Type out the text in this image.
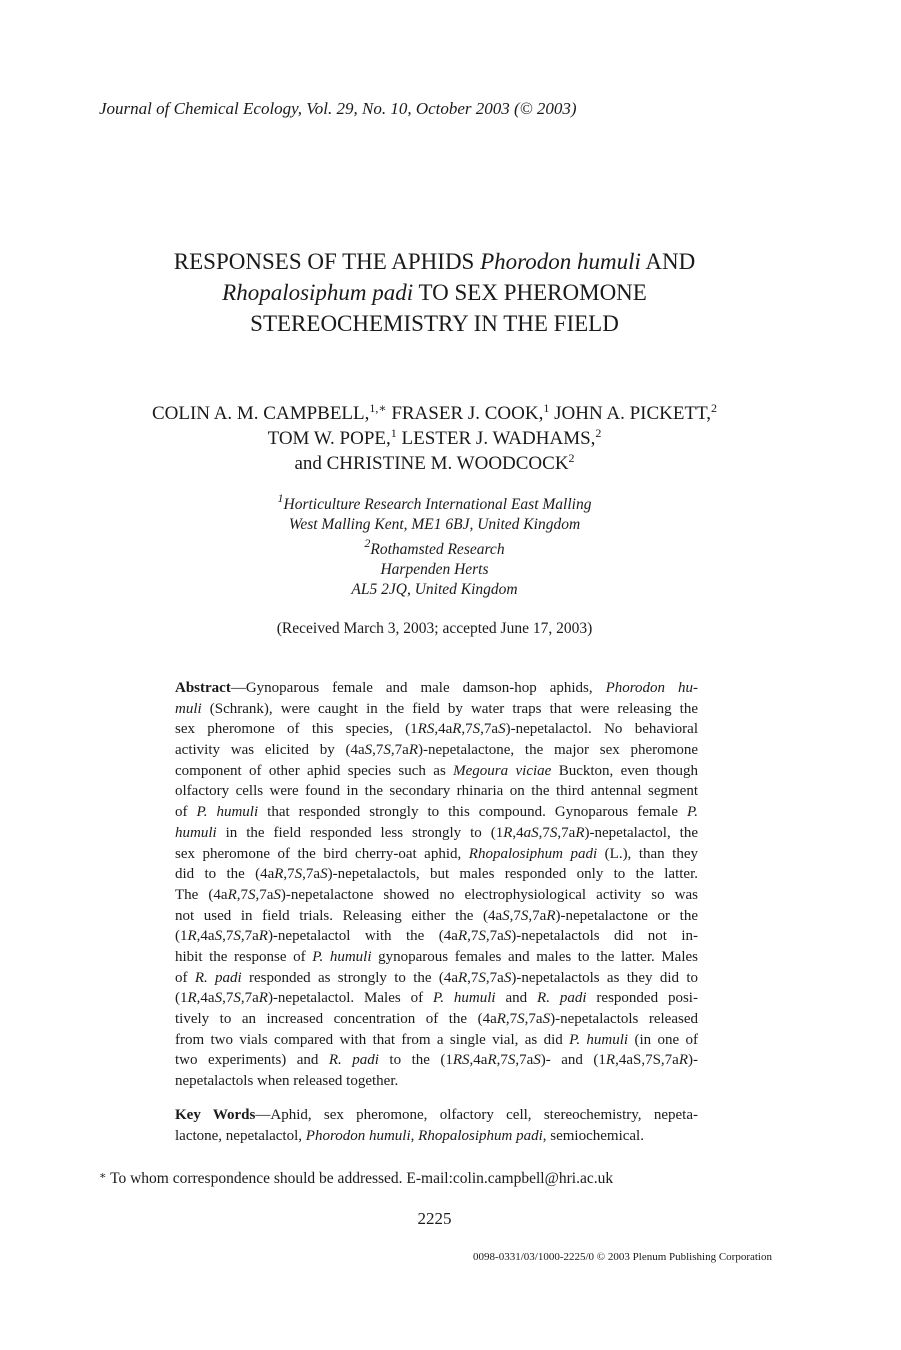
Journal of Chemical Ecology, Vol. 29, No. 10, October 2003 (© 2003)
RESPONSES OF THE APHIDS Phorodon humuli AND
Rhopalosiphum padi TO SEX PHEROMONE
STEREOCHEMISTRY IN THE FIELD
COLIN A. M. CAMPBELL,$^{1,∗}$ FRASER J. COOK,$^1$ JOHN A. PICKETT,$^2$
TOM W. POPE,$^1$ LESTER J. WADHAMS,$^2$
and CHRISTINE M. WOODCOCK$^2$
$^1$Horticulture Research International East Malling
West Malling Kent, ME1 6BJ, United Kingdom
$^2$Rothamsted Research
Harpenden Herts
AL5 2JQ, United Kingdom
(Received March 3, 2003; accepted June 17, 2003)
Abstract—Gynoparous female and male damson-hop aphids, Phorodon hu-
muli (Schrank), were caught in the field by water traps that were releasing the
sex pheromone of this species, (1RS,4aR,7S,7aS)-nepetalactol. No behavioral
activity was elicited by (4aS,7S,7aR)-nepetalactone, the major sex pheromone
component of other aphid species such as Megoura viciae Buckton, even though
olfactory cells were found in the secondary rhinaria on the third antennal segment
of P. humuli that responded strongly to this compound. Gynoparous female P.
humuli in the field responded less strongly to (1R,4aS,7S,7aR)-nepetalactol, the
sex pheromone of the bird cherry-oat aphid, Rhopalosiphum padi (L.), than they
did to the (4aR,7S,7aS)-nepetalactols, but males responded only to the latter.
The (4aR,7S,7aS)-nepetalactone showed no electrophysiological activity so was
not used in field trials. Releasing either the (4aS,7S,7aR)-nepetalactone or the
(1R,4aS,7S,7aR)-nepetalactol with the (4aR,7S,7aS)-nepetalactols did not in-
hibit the response of P. humuli gynoparous females and males to the latter. Males
of R. padi responded as strongly to the (4aR,7S,7aS)-nepetalactols as they did to
(1R,4aS,7S,7aR)-nepetalactol. Males of P. humuli and R. padi responded posi-
tively to an increased concentration of the (4aR,7S,7aS)-nepetalactols released
from two vials compared with that from a single vial, as did P. humuli (in one of
two experiments) and R. padi to the (1RS,4aR,7S,7aS)- and (1R,4aS,7S,7aR)-
nepetalactols when released together.
Key Words—Aphid, sex pheromone, olfactory cell, stereochemistry, nepeta-
lactone, nepetalactol, Phorodon humuli, Rhopalosiphum padi, semiochemical.
∗ To whom correspondence should be addressed. E-mail:colin.campbell@hri.ac.uk
2225
0098-0331/03/1000-2225/0 © 2003 Plenum Publishing Corporation
